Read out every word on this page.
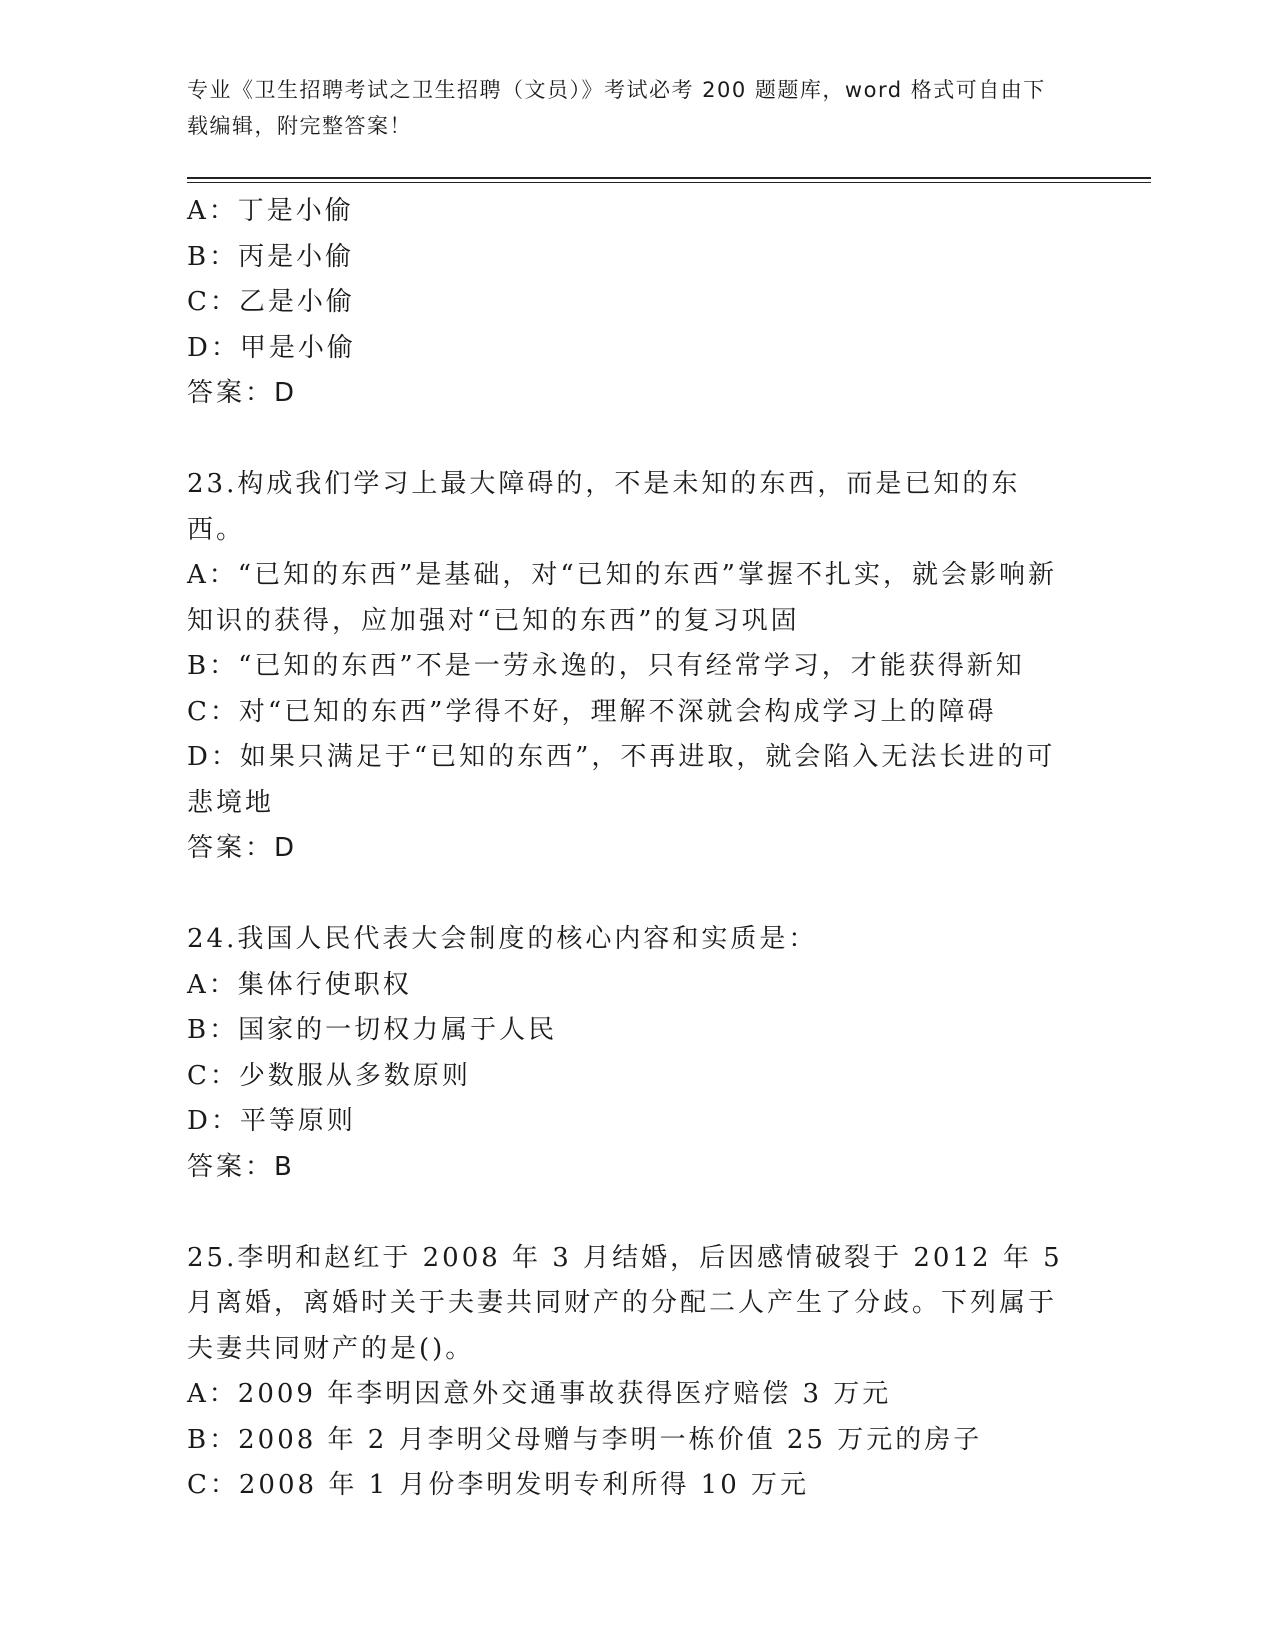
专业《卫生招聘考试之卫生招聘（文员）》考试必考 200 题题库，word 格式可自由下载编辑，附完整答案！

A：丁是小偷

B：丙是小偷

C：乙是小偷

D：甲是小偷

答案：D

23.构成我们学习上最大障碍的，不是未知的东西，而是已知的东西。

A：“已知的东西”是基础，对“已知的东西”掌握不扎实，就会影响新知识的获得，应加强对“已知的东西”的复习巩固

B：“已知的东西”不是一劳永逸的，只有经常学习，才能获得新知

C：对“已知的东西”学得不好，理解不深就会构成学习上的障碍

D：如果只满足于“已知的东西”，不再进取，就会陷入无法长进的可悲境地

答案：D

24.我国人民代表大会制度的核心内容和实质是：

A：集体行使职权

B：国家的一切权力属于人民

C：少数服从多数原则

D：平等原则

答案：B

25.李明和赵红于 2008 年 3 月结婚，后因感情破裂于 2012 年 5 月离婚，离婚时关于夫妻共同财产的分配二人产生了分歧。下列属于夫妻共同财产的是()。

A：2009 年李明因意外交通事故获得医疗赔偿 3 万元

B：2008 年 2 月李明父母赠与李明一栋价值 25 万元的房子

C：2008 年 1 月份李明发明专利所得 10 万元
